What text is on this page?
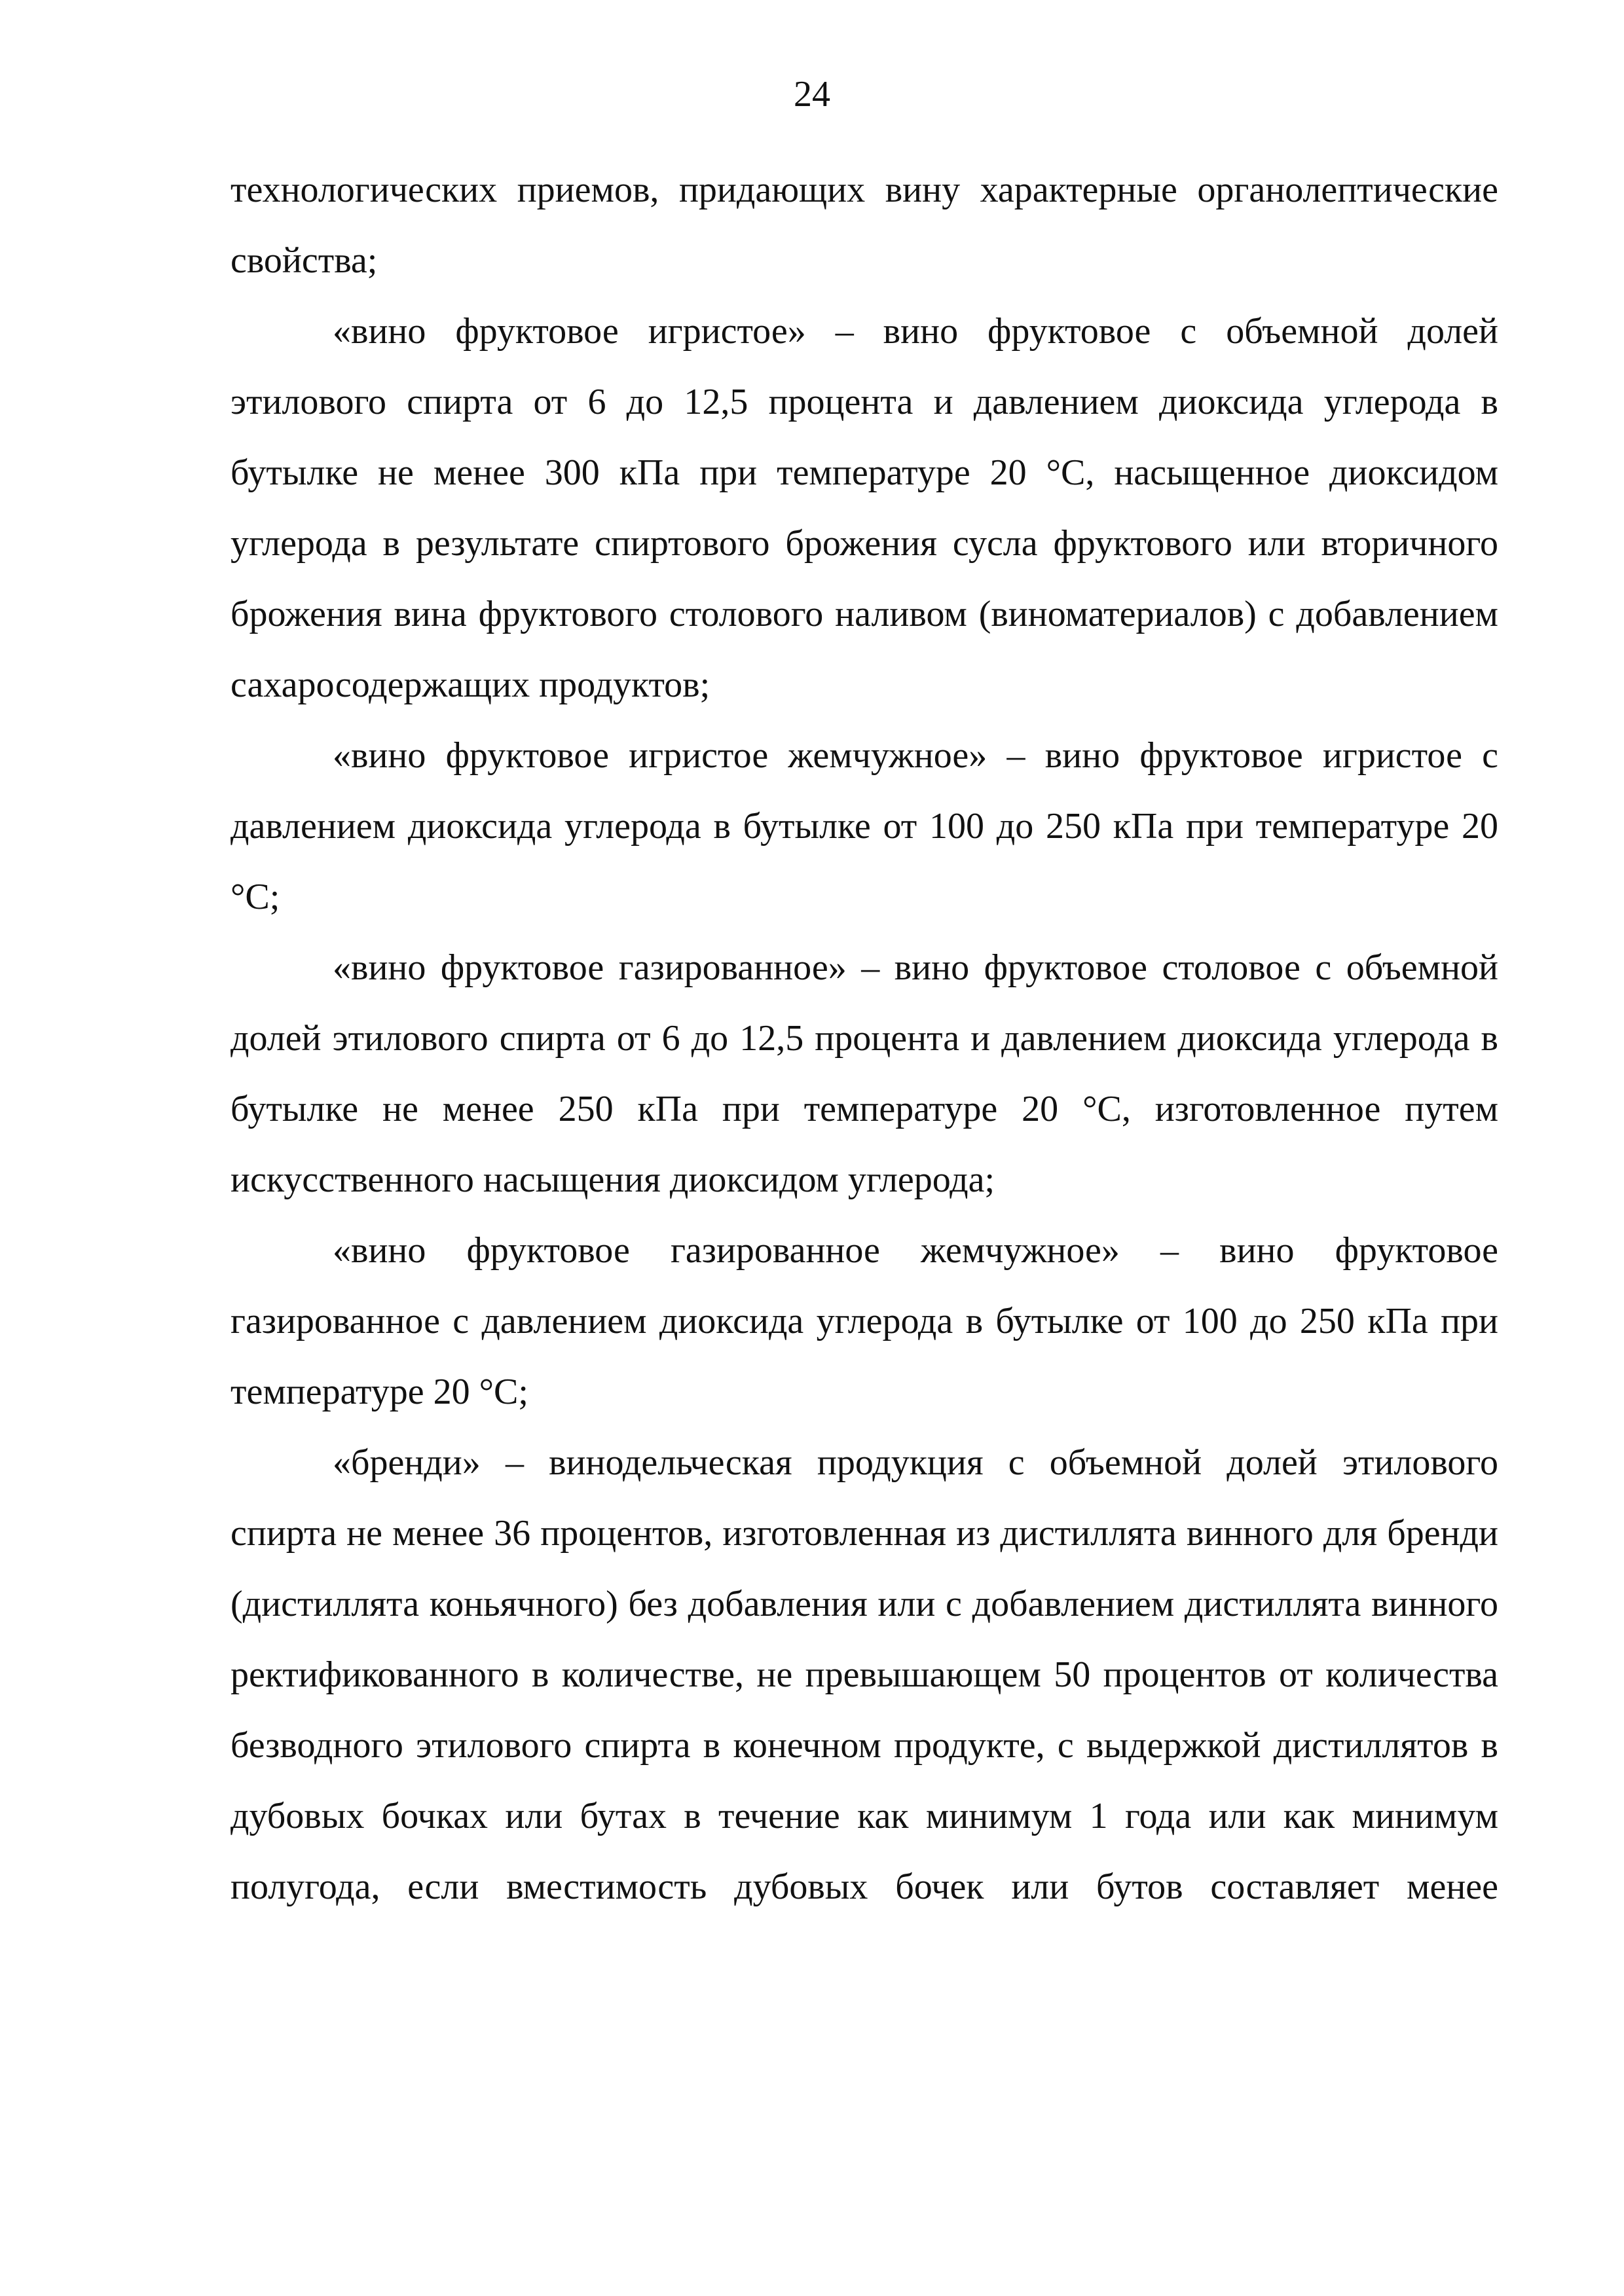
24

технологических приемов, придающих вину характерные органолептические свойства;

«вино фруктовое игристое» – вино фруктовое с объемной долей этилового спирта от 6 до 12,5 процента и давлением диоксида углерода в бутылке не менее 300 кПа при температуре 20 °С, насыщенное диоксидом углерода в результате спиртового брожения сусла фруктового или вторичного брожения вина фруктового столового наливом (виноматериалов) с добавлением сахаросодержащих продуктов;

«вино фруктовое игристое жемчужное» – вино фруктовое игристое с давлением диоксида углерода в бутылке от 100 до 250 кПа при температуре 20 °С;

«вино фруктовое газированное» – вино фруктовое столовое с объемной долей этилового спирта от 6 до 12,5 процента и давлением диоксида углерода в бутылке не менее 250 кПа при температуре 20 °С, изготовленное путем искусственного насыщения диоксидом углерода;

«вино фруктовое газированное жемчужное» – вино фруктовое газированное с давлением диоксида углерода в бутылке от 100 до 250 кПа при температуре 20 °С;

«бренди» – винодельческая продукция с объемной долей этилового спирта не менее 36 процентов, изготовленная из дистиллята винного для бренди (дистиллята коньячного) без добавления или с добавлением дистиллята винного ректификованного в количестве, не превышающем 50 процентов от количества безводного этилового спирта в конечном продукте, с выдержкой дистиллятов в дубовых бочках или бутах в течение как минимум 1 года или как минимум полугода, если вместимость дубовых бочек или бутов составляет менее
